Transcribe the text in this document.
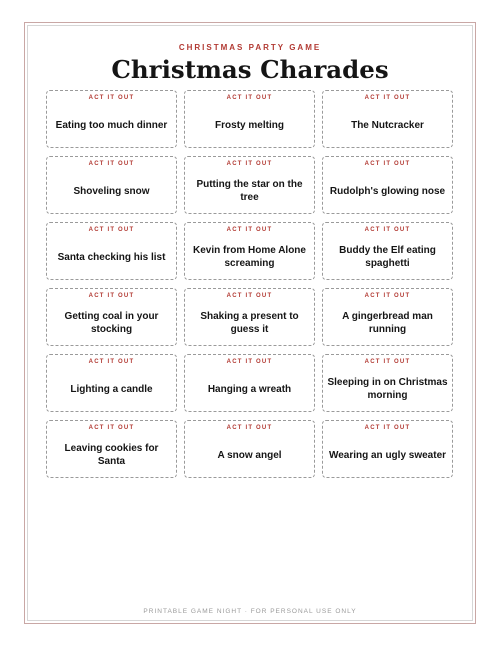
CHRISTMAS PARTY GAME
Christmas Charades
ACT IT OUT
Eating too much dinner
ACT IT OUT
Frosty melting
ACT IT OUT
The Nutcracker
ACT IT OUT
Shoveling snow
ACT IT OUT
Putting the star on the tree
ACT IT OUT
Rudolph's glowing nose
ACT IT OUT
Santa checking his list
ACT IT OUT
Kevin from Home Alone screaming
ACT IT OUT
Buddy the Elf eating spaghetti
ACT IT OUT
Getting coal in your stocking
ACT IT OUT
Shaking a present to guess it
ACT IT OUT
A gingerbread man running
ACT IT OUT
Lighting a candle
ACT IT OUT
Hanging a wreath
ACT IT OUT
Sleeping in on Christmas morning
ACT IT OUT
Leaving cookies for Santa
ACT IT OUT
A snow angel
ACT IT OUT
Wearing an ugly sweater
PRINTABLE GAME NIGHT · FOR PERSONAL USE ONLY
